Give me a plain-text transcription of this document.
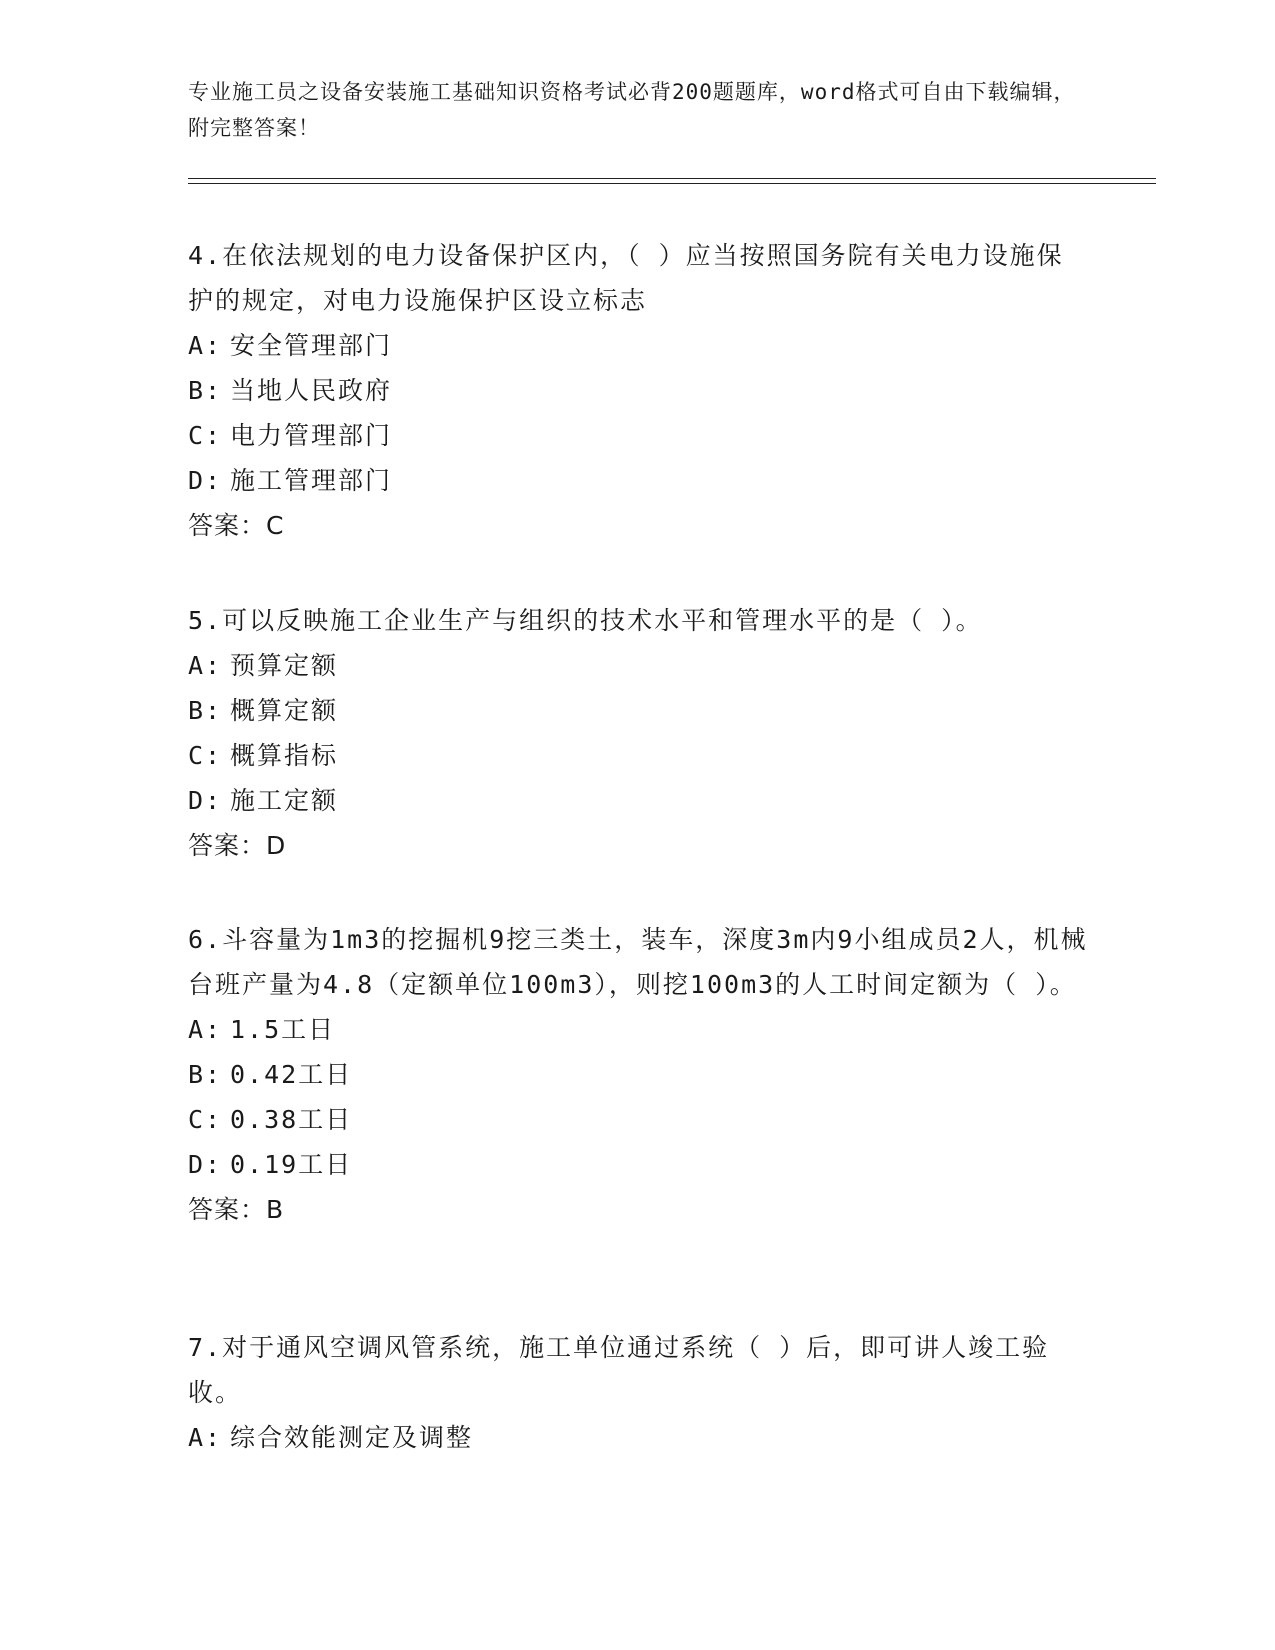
专业施工员之设备安装施工基础知识资格考试必背200题题库，word格式可自由下载编辑，附完整答案！

4.在依法规划的电力设备保护区内，（ ）应当按照国务院有关电力设施保护的规定，对电力设施保护区设立标志

A: 安全管理部门

B: 当地人民政府

C: 电力管理部门

D: 施工管理部门

答案：C

5.可以反映施工企业生产与组织的技术水平和管理水平的是（ ）。

A: 预算定额

B: 概算定额

C: 概算指标

D: 施工定额

答案：D

6.斗容量为1m3的挖掘机9挖三类土，装车，深度3m内9小组成员2人，机械台班产量为4.8（定额单位100m3），则挖100m3的人工时间定额为（ ）。

A: 1.5工日

B: 0.42工日

C: 0.38工日

D: 0.19工日

答案：B

7.对于通风空调风管系统，施工单位通过系统（ ）后，即可讲人竣工验收。

A: 综合效能测定及调整
